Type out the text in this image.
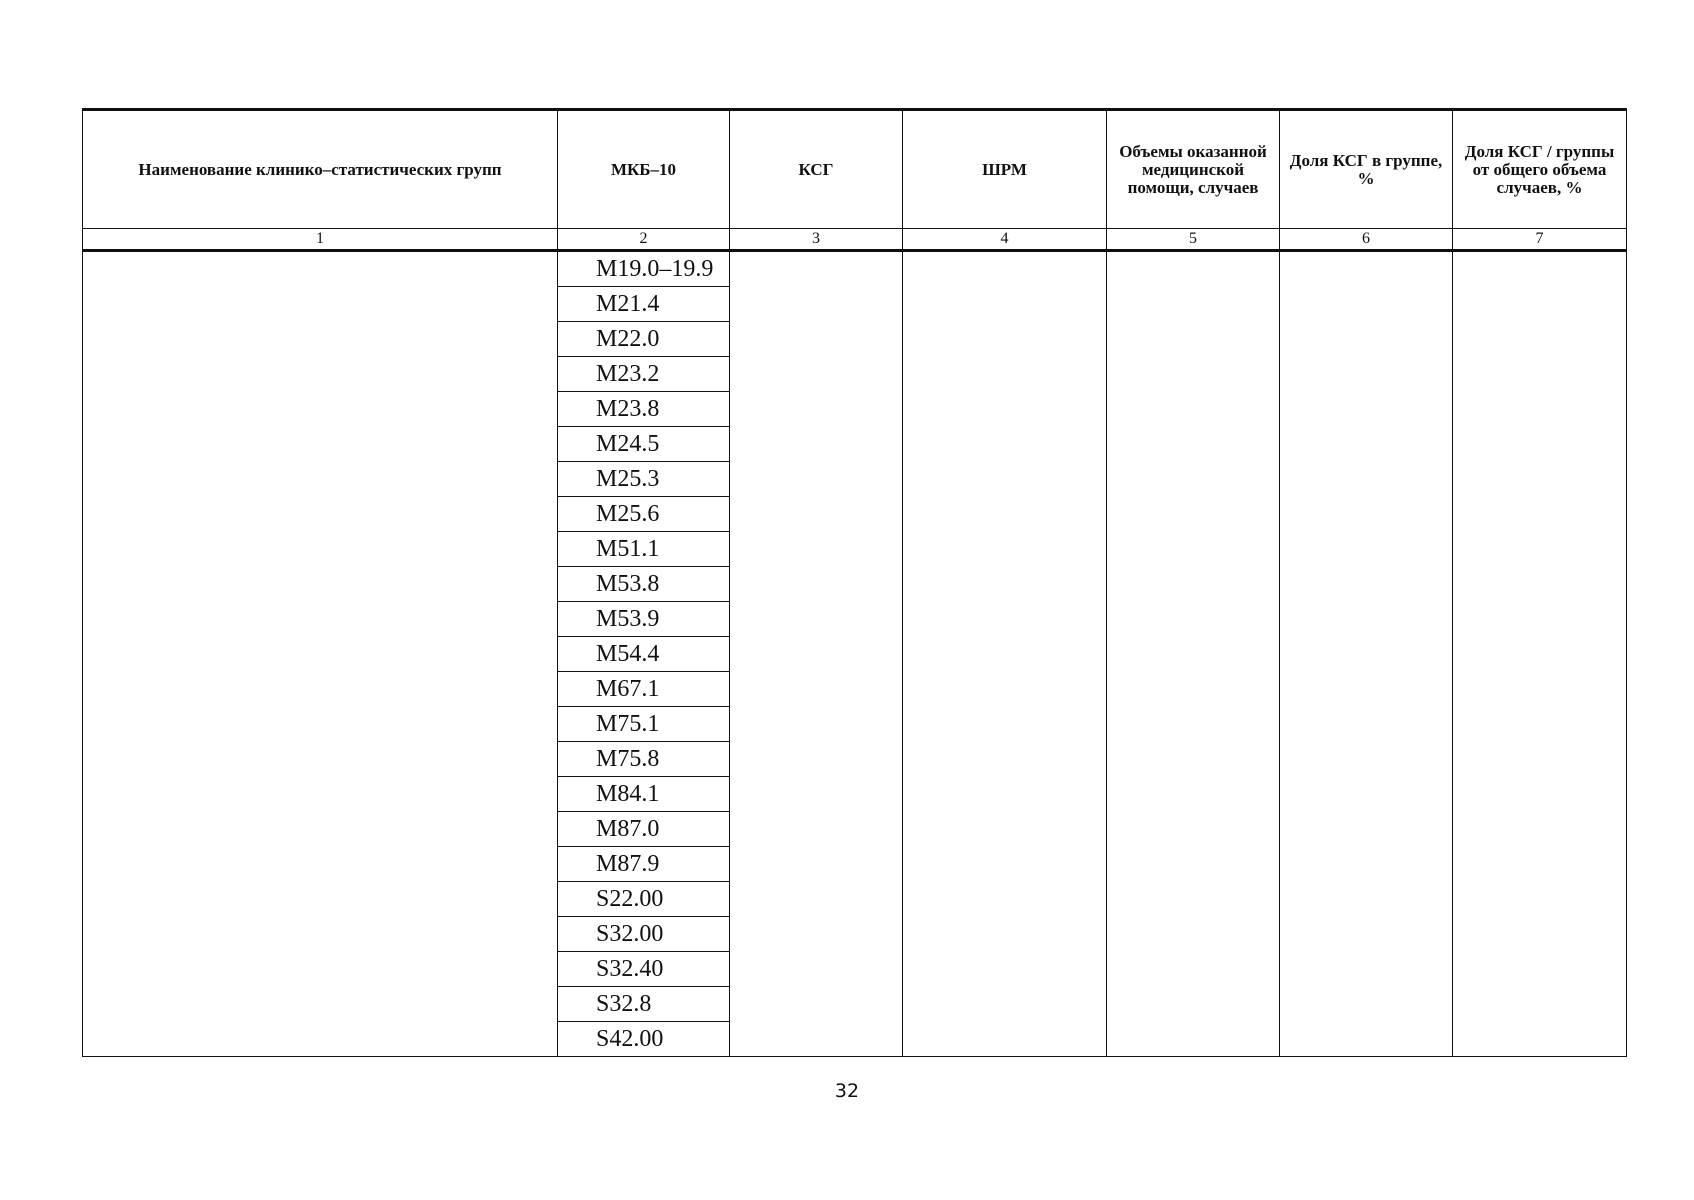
Наименование клинико–статистических групп	МКБ–10	КСГ	ШРМ	Объемы оказанной медицинской помощи, случаев	Доля КСГ в группе, %	Доля КСГ / группы от общего объема случаев, %
1	2	3	4	5	6	7
	M19.0–19.9					
	M21.4					
	M22.0					
	M23.2					
	M23.8					
	M24.5					
	M25.3					
	M25.6					
	M51.1					
	M53.8					
	M53.9					
	M54.4					
	M67.1					
	M75.1					
	M75.8					
	M84.1					
	M87.0					
	M87.9					
	S22.00					
	S32.00					
	S32.40					
	S32.8					
	S42.00					
32
